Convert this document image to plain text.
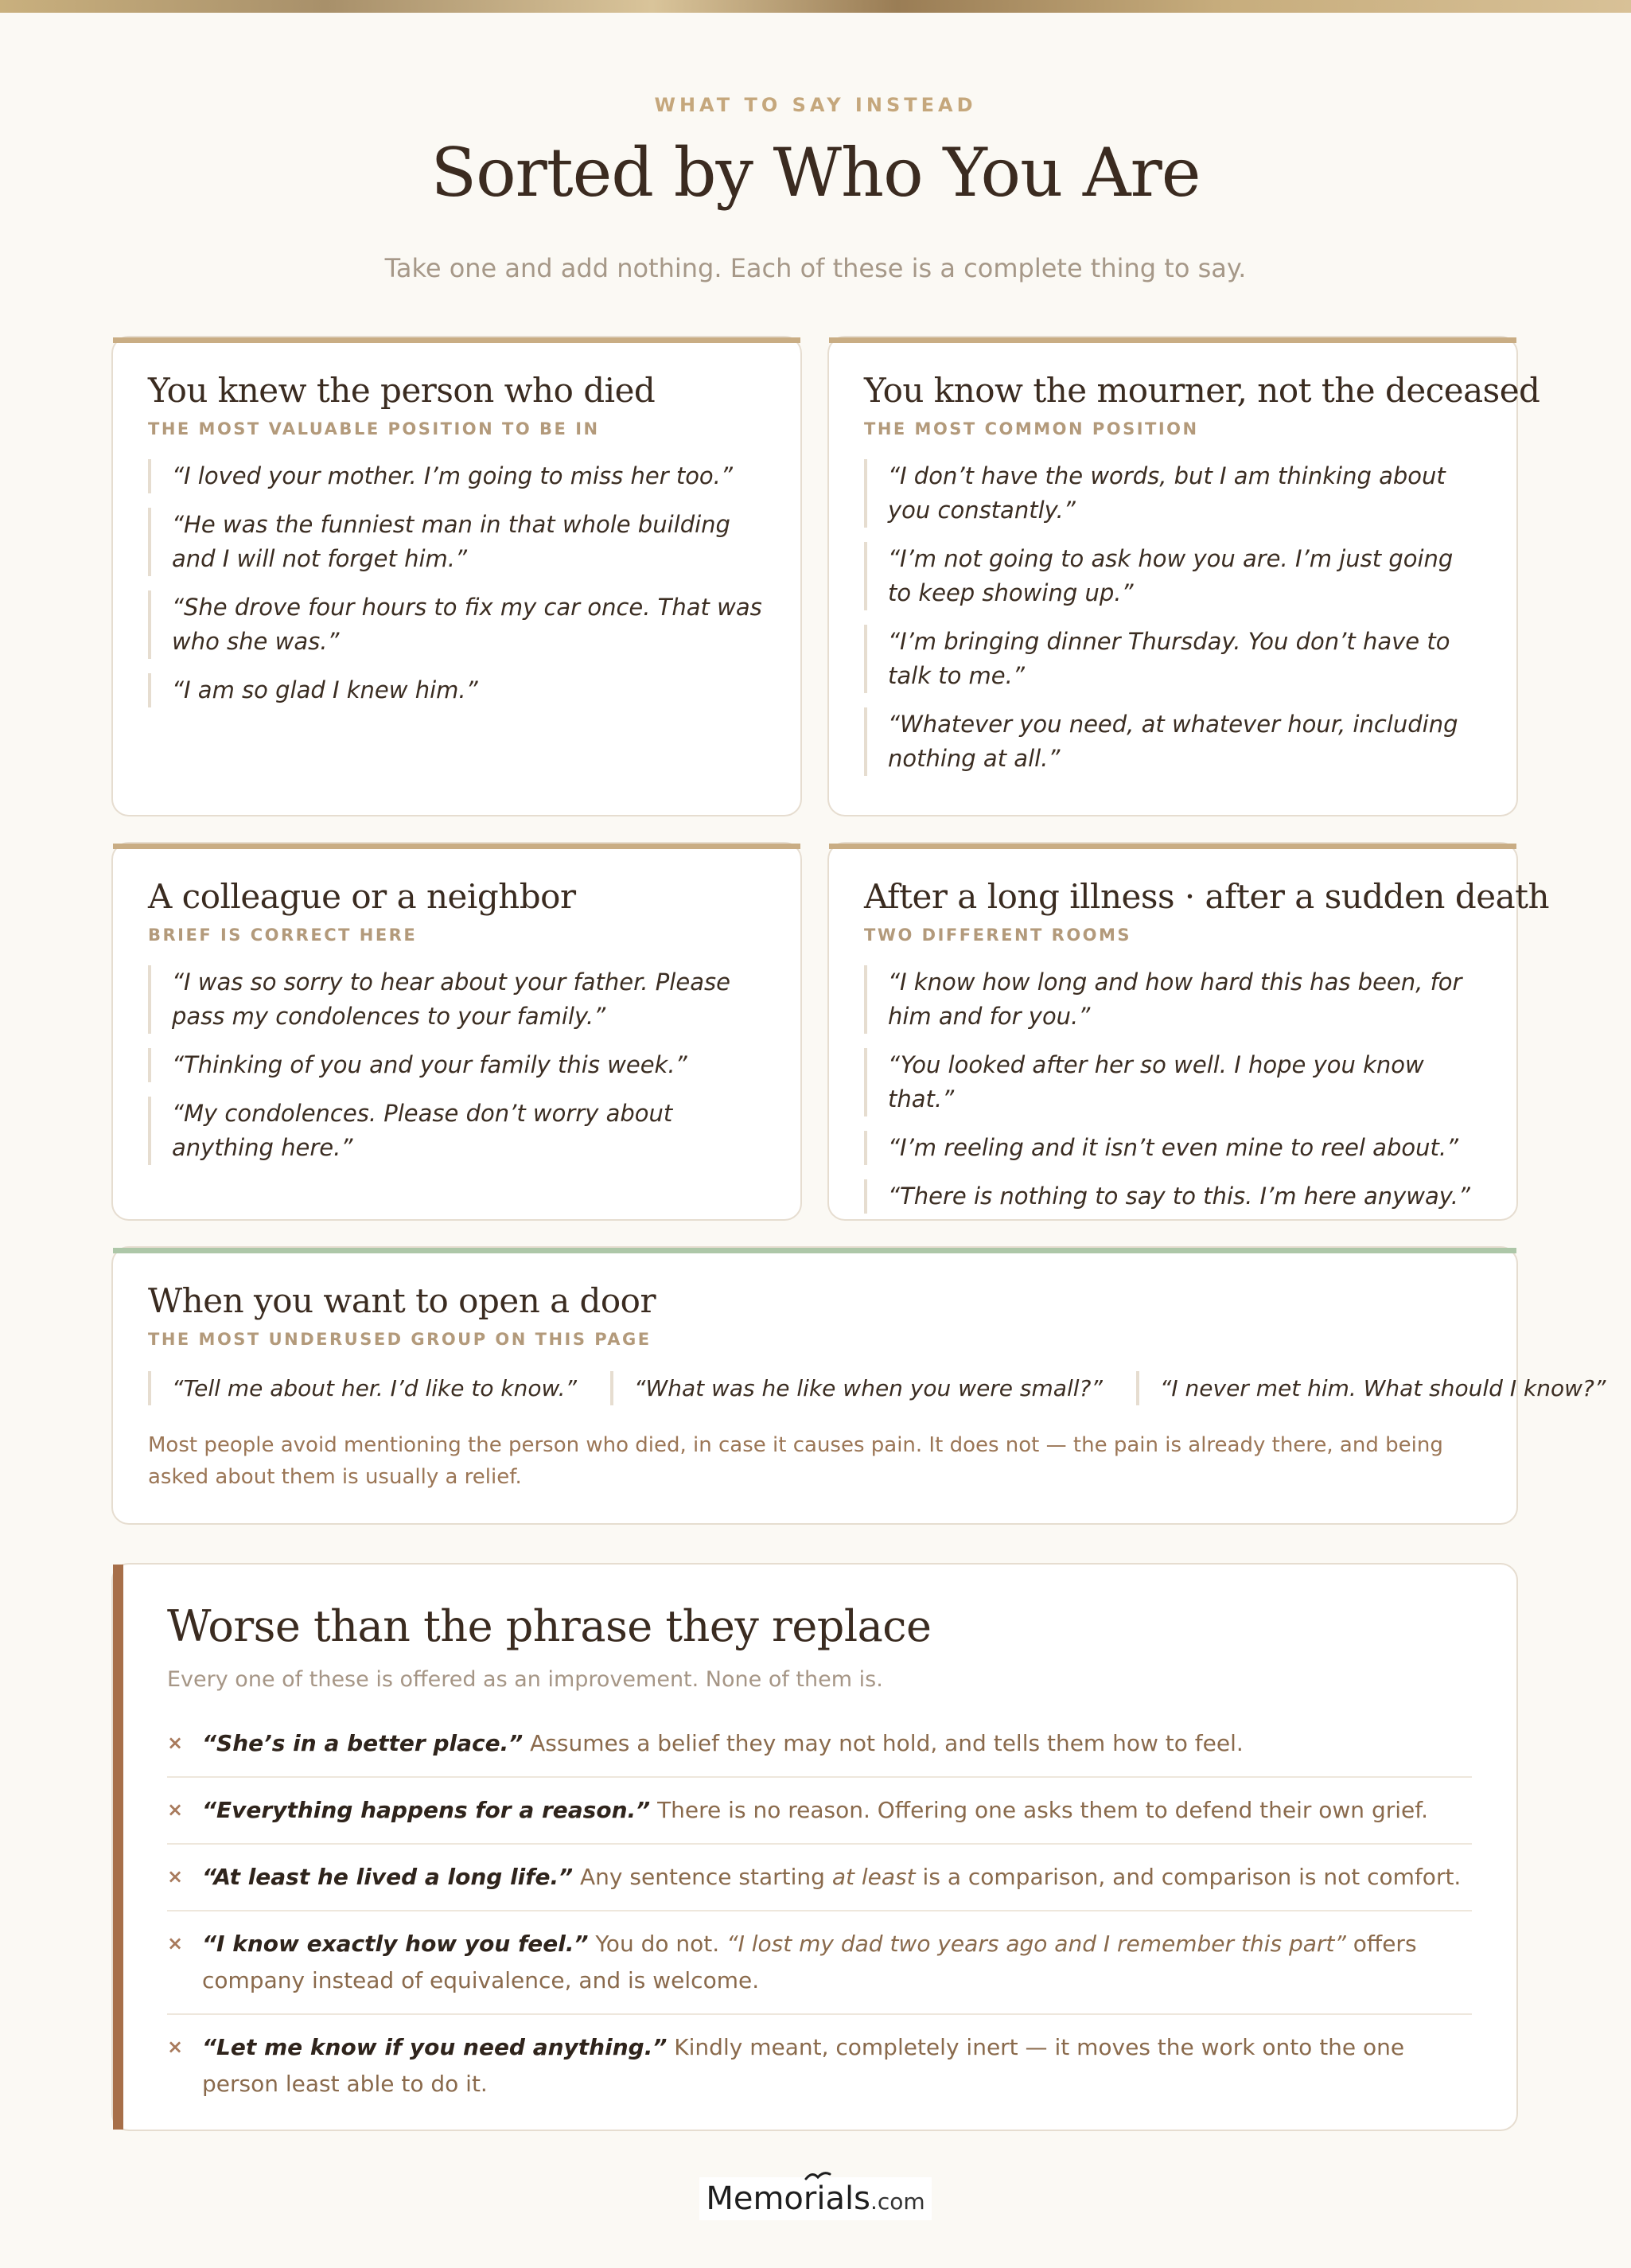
WHAT TO SAY INSTEAD
Sorted by Who You Are
Take one and add nothing. Each of these is a complete thing to say.
You knew the person who died
THE MOST VALUABLE POSITION TO BE IN
“I loved your mother. I’m going to miss her too.”
“He was the funniest man in that whole building and I will not forget him.”
“She drove four hours to fix my car once. That was who she was.”
“I am so glad I knew him.”
You know the mourner, not the deceased
THE MOST COMMON POSITION
“I don’t have the words, but I am thinking about you constantly.”
“I’m not going to ask how you are. I’m just going to keep showing up.”
“I’m bringing dinner Thursday. You don’t have to talk to me.”
“Whatever you need, at whatever hour, including nothing at all.”
A colleague or a neighbor
BRIEF IS CORRECT HERE
“I was so sorry to hear about your father. Please pass my condolences to your family.”
“Thinking of you and your family this week.”
“My condolences. Please don’t worry about anything here.”
After a long illness · after a sudden death
TWO DIFFERENT ROOMS
“I know how long and how hard this has been, for him and for you.”
“You looked after her so well. I hope you know that.”
“I’m reeling and it isn’t even mine to reel about.”
“There is nothing to say to this. I’m here anyway.”
When you want to open a door
THE MOST UNDERUSED GROUP ON THIS PAGE
“Tell me about her. I’d like to know.”	“What was he like when you were small?”	“I never met him. What should I know?”
Most people avoid mentioning the person who died, in case it causes pain. It does not — the pain is already there, and being asked about them is usually a relief.
Worse than the phrase they replace
Every one of these is offered as an improvement. None of them is.
× “She’s in a better place.” Assumes a belief they may not hold, and tells them how to feel.
× “Everything happens for a reason.” There is no reason. Offering one asks them to defend their own grief.
× “At least he lived a long life.” Any sentence starting at least is a comparison, and comparison is not comfort.
× “I know exactly how you feel.” You do not. “I lost my dad two years ago and I remember this part” offers company instead of equivalence, and is welcome.
× “Let me know if you need anything.” Kindly meant, completely inert — it moves the work onto the one person least able to do it.
Memorials.com
